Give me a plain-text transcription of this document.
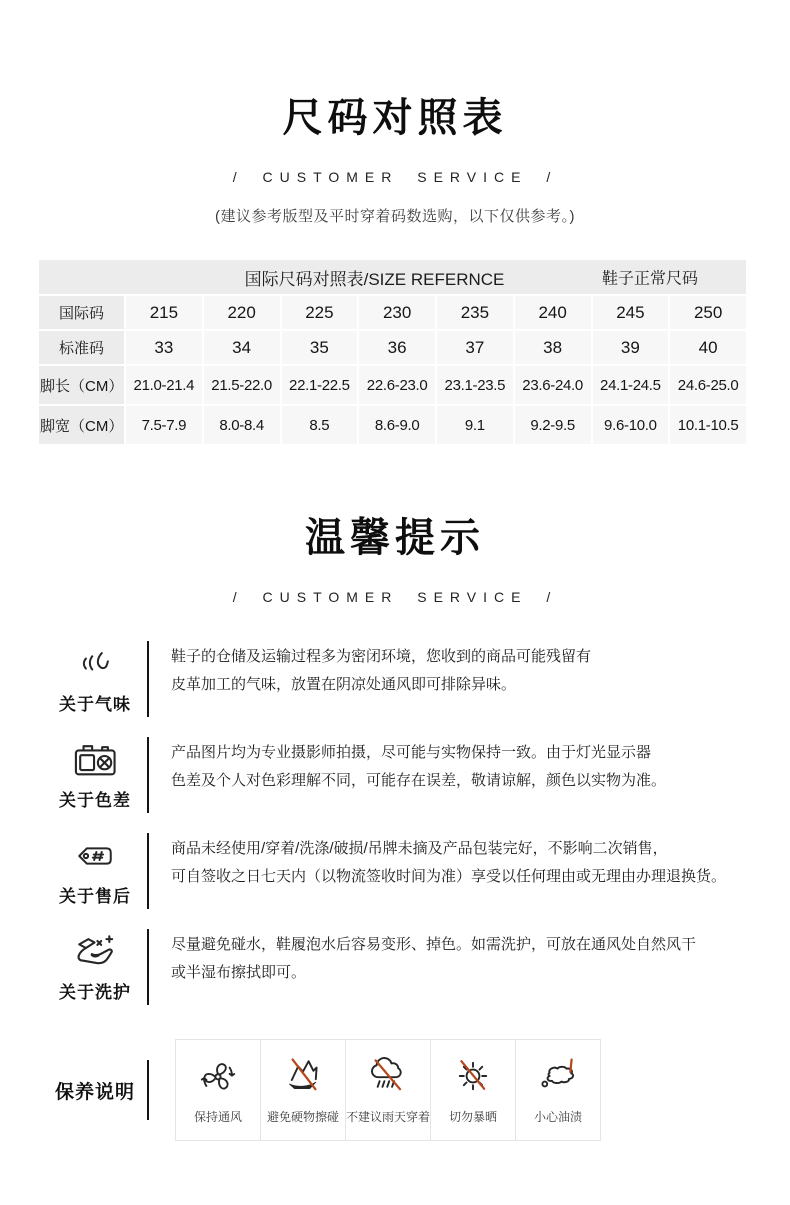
尺码对照表
/ CUSTOMER SERVICE /
(建议参考版型及平时穿着码数选购，以下仅供参考。)
国际尺码对照表/SIZE REFERNCE 鞋子正常尺码								

国际码	215	220	225	230	235	240	245	250
标准码	33	34	35	36	37	38	39	40
脚长（CM）	21.0-21.4	21.5-22.0	22.1-22.5	22.6-23.0	23.1-23.5	23.6-24.0	24.1-24.5	24.6-25.0
脚宽（CM）	7.5-7.9	8.0-8.4	8.5	8.6-9.0	9.1	9.2-9.5	9.6-10.0	10.1-10.5
温馨提示
/ CUSTOMER SERVICE /
关于气味
鞋子的仓储及运输过程多为密闭环境，您收到的商品可能残留有
皮革加工的气味，放置在阴凉处通风即可排除异味。
关于色差
产品图片均为专业摄影师拍摄，尽可能与实物保持一致。由于灯光显示器
色差及个人对色彩理解不同，可能存在误差，敬请谅解，颜色以实物为准。
关于售后
商品未经使用/穿着/洗涤/破损/吊牌未摘及产品包装完好，不影响二次销售，
可自签收之日七天内（以物流签收时间为准）享受以任何理由或无理由办理退换货。
关于洗护
尽量避免碰水，鞋履泡水后容易变形、掉色。如需洗护，可放在通风处自然风干
或半湿布擦拭即可。
保养说明
保持通风 避免硬物擦碰 不建议雨天穿着 切勿暴晒	小心油渍
